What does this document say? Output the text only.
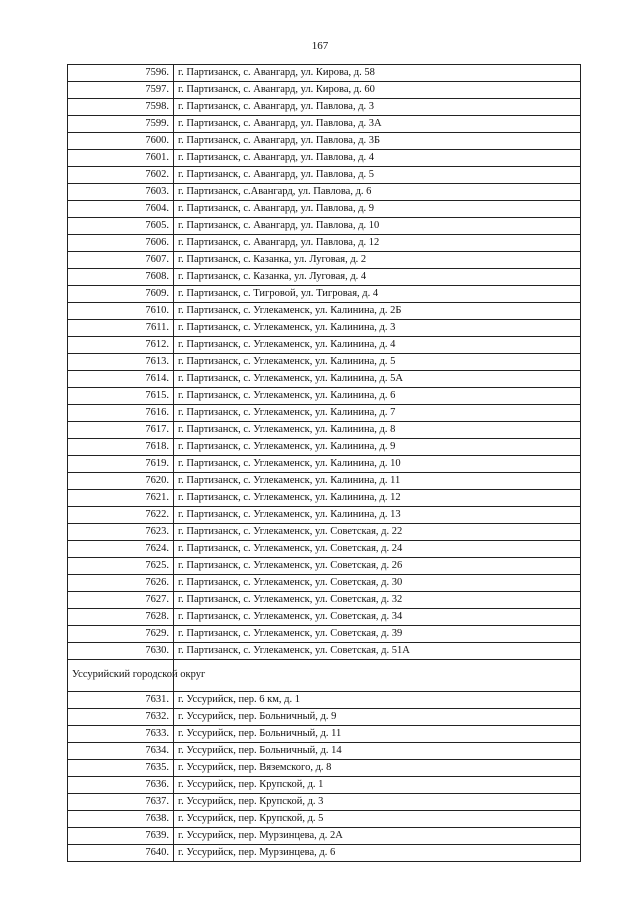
167
7596.	г. Партизанск, с. Авангард, ул. Кирова, д. 58
7597.	г. Партизанск, с. Авангард, ул. Кирова, д. 60
7598.	г. Партизанск, с. Авангард, ул. Павлова, д. 3
7599.	г. Партизанск, с. Авангард, ул. Павлова, д. 3А
7600.	г. Партизанск, с. Авангард, ул. Павлова, д. 3Б
7601.	г. Партизанск, с. Авангард, ул. Павлова, д. 4
7602.	г. Партизанск, с. Авангард, ул. Павлова, д. 5
7603.	г. Партизанск, с.Авангард, ул. Павлова, д. 6
7604.	г. Партизанск, с. Авангард, ул. Павлова, д. 9
7605.	г. Партизанск, с. Авангард, ул. Павлова, д. 10
7606.	г. Партизанск, с. Авангард, ул. Павлова, д. 12
7607.	г. Партизанск, с. Казанка, ул. Луговая, д. 2
7608.	г. Партизанск, с. Казанка, ул. Луговая, д. 4
7609.	г. Партизанск, с. Тигровой, ул. Тигровая, д. 4
7610.	г. Партизанск, с. Углекаменск, ул. Калинина, д. 2Б
7611.	г. Партизанск, с. Углекаменск, ул. Калинина, д. 3
7612.	г. Партизанск, с. Углекаменск, ул. Калинина, д. 4
7613.	г. Партизанск, с. Углекаменск, ул. Калинина, д. 5
7614.	г. Партизанск, с. Углекаменск, ул. Калинина, д. 5А
7615.	г. Партизанск, с. Углекаменск, ул. Калинина, д. 6
7616.	г. Партизанск, с. Углекаменск, ул. Калинина, д. 7
7617.	г. Партизанск, с. Углекаменск, ул. Калинина, д. 8
7618.	г. Партизанск, с. Углекаменск, ул. Калинина, д. 9
7619.	г. Партизанск, с. Углекаменск, ул. Калинина, д. 10
7620.	г. Партизанск, с. Углекаменск, ул. Калинина, д. 11
7621.	г. Партизанск, с. Углекаменск, ул. Калинина, д. 12
7622.	г. Партизанск, с. Углекаменск, ул. Калинина, д. 13
7623.	г. Партизанск, с. Углекаменск, ул. Советская, д. 22
7624.	г. Партизанск, с. Углекаменск, ул. Советская, д. 24
7625.	г. Партизанск, с. Углекаменск, ул. Советская, д. 26
7626.	г. Партизанск, с. Углекаменск, ул. Советская, д. 30
7627.	г. Партизанск, с. Углекаменск, ул. Советская, д. 32
7628.	г. Партизанск, с. Углекаменск, ул. Советская, д. 34
7629.	г. Партизанск, с. Углекаменск, ул. Советская, д. 39
7630.	г. Партизанск, с. Углекаменск, ул. Советская, д. 51А
Уссурийский городской округ	
7631.	г. Уссурийск, пер. 6 км, д. 1
7632.	г. Уссурийск, пер. Больничный, д. 9
7633.	г. Уссурийск, пер. Больничный, д. 11
7634.	г. Уссурийск, пер. Больничный, д. 14
7635.	г. Уссурийск, пер. Вяземского, д. 8
7636.	г. Уссурийск, пер. Крупской, д. 1
7637.	г. Уссурийск, пер. Крупской, д. 3
7638.	г. Уссурийск, пер. Крупской, д. 5
7639.	г. Уссурийск, пер. Мурзинцева, д. 2А
7640.	г. Уссурийск, пер. Мурзинцева, д. 6
